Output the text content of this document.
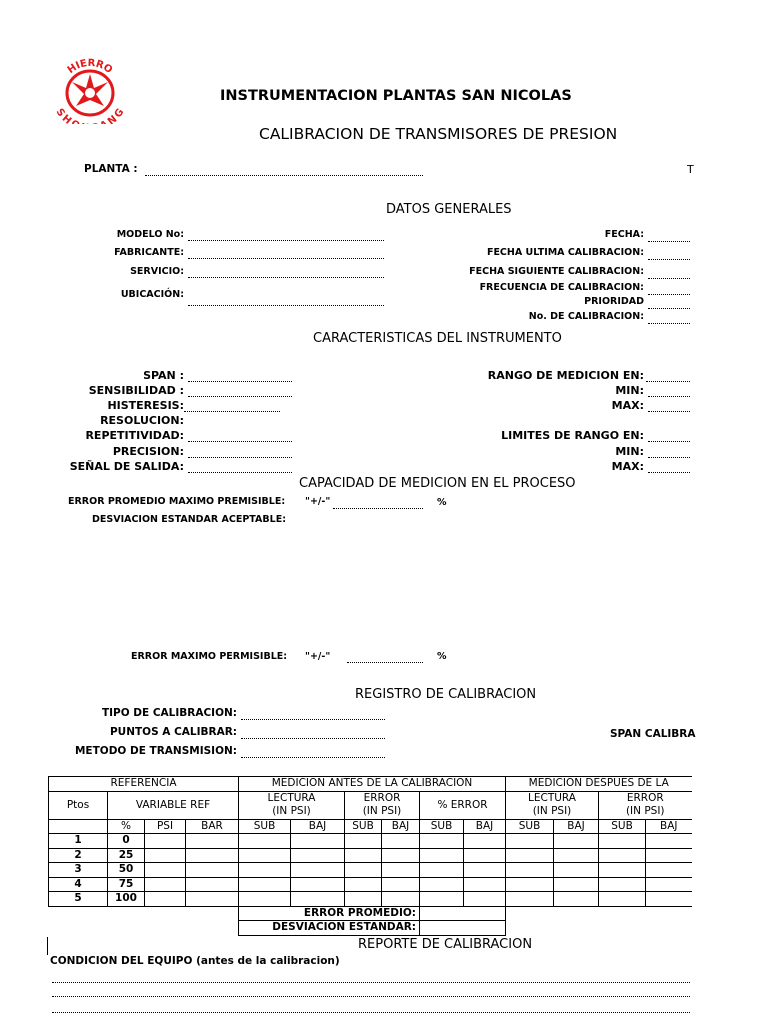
HIERRO
SH NG
INSTRUMENTACION PLANTAS SAN NICOLAS
CALIBRACION DE TRANSMISORES DE PRESION
PLANTA :	T
DATOS GENERALES
MODELO No:
FABRICANTE:
SERVICIO:
UBICACIÓN:
FECHA:
FECHA ULTIMA CALIBRACION:
FECHA SIGUIENTE CALIBRACION:
FRECUENCIA DE CALIBRACION:
PRIORIDAD
No. DE CALIBRACION:
CARACTERISTICAS DEL INSTRUMENTO
SPAN :
SENSIBILIDAD :
HISTERESIS:
RESOLUCION:
REPETITIVIDAD:
PRECISION:
SEÑAL DE SALIDA:
RANGO DE MEDICION EN:
MIN:
MAX:
LIMITES DE RANGO EN:
MIN:
MAX:
CAPACIDAD DE MEDICION EN EL PROCESO
ERROR PROMEDIO MAXIMO PREMISIBLE: "+/-"	%
DESVIACION ESTANDAR ACEPTABLE:
ERROR MAXIMO PERMISIBLE: "+/-"	%
REGISTRO DE CALIBRACION
TIPO DE CALIBRACION:
PUNTOS A CALIBRAR:
METODO DE TRANSMISION:
SPAN CALIBRA
REFERENCIA				MEDICION ANTES DE LA CALIBRACION						MEDICION DESPUES DE LA			
Ptos	VARIABLE REF			LECTURA		ERROR		% ERROR		LECTURA		ERROR	
				(IN PSI)		(IN PSI)				(IN PSI)		(IN PSI)	
	%	PSI	BAR	SUB	BAJ	SUB	BAJ	SUB	BAJ	SUB	BAJ	SUB	BAJ
1	0												
2	25												
3	50												
4	75												
5	100												
				ERROR PROMEDIO:									
				DESVIACION ESTANDAR:									
REPORTE DE CALIBRACION
CONDICION DEL EQUIPO (antes de la calibracion)
